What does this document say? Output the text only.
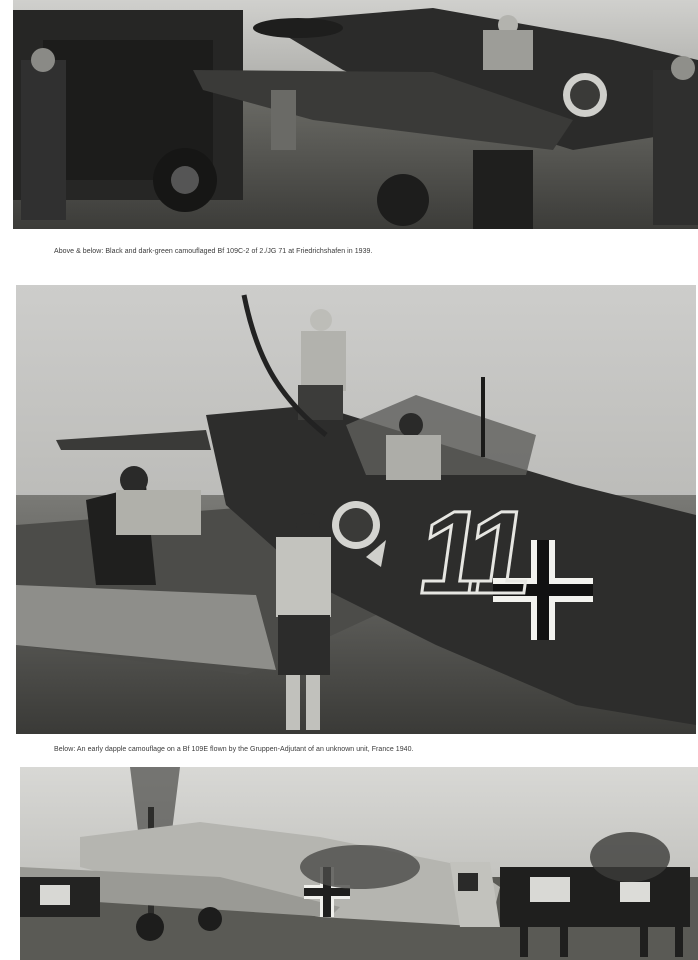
Above & below: Black and dark-green camouflaged Bf 109C-2 of 2./JG 71 at Friedrichshafen in 1939.
11
Below: An early dapple camouflage on a Bf 109E flown by the Gruppen-Adjutant of an unknown unit, France 1940.
